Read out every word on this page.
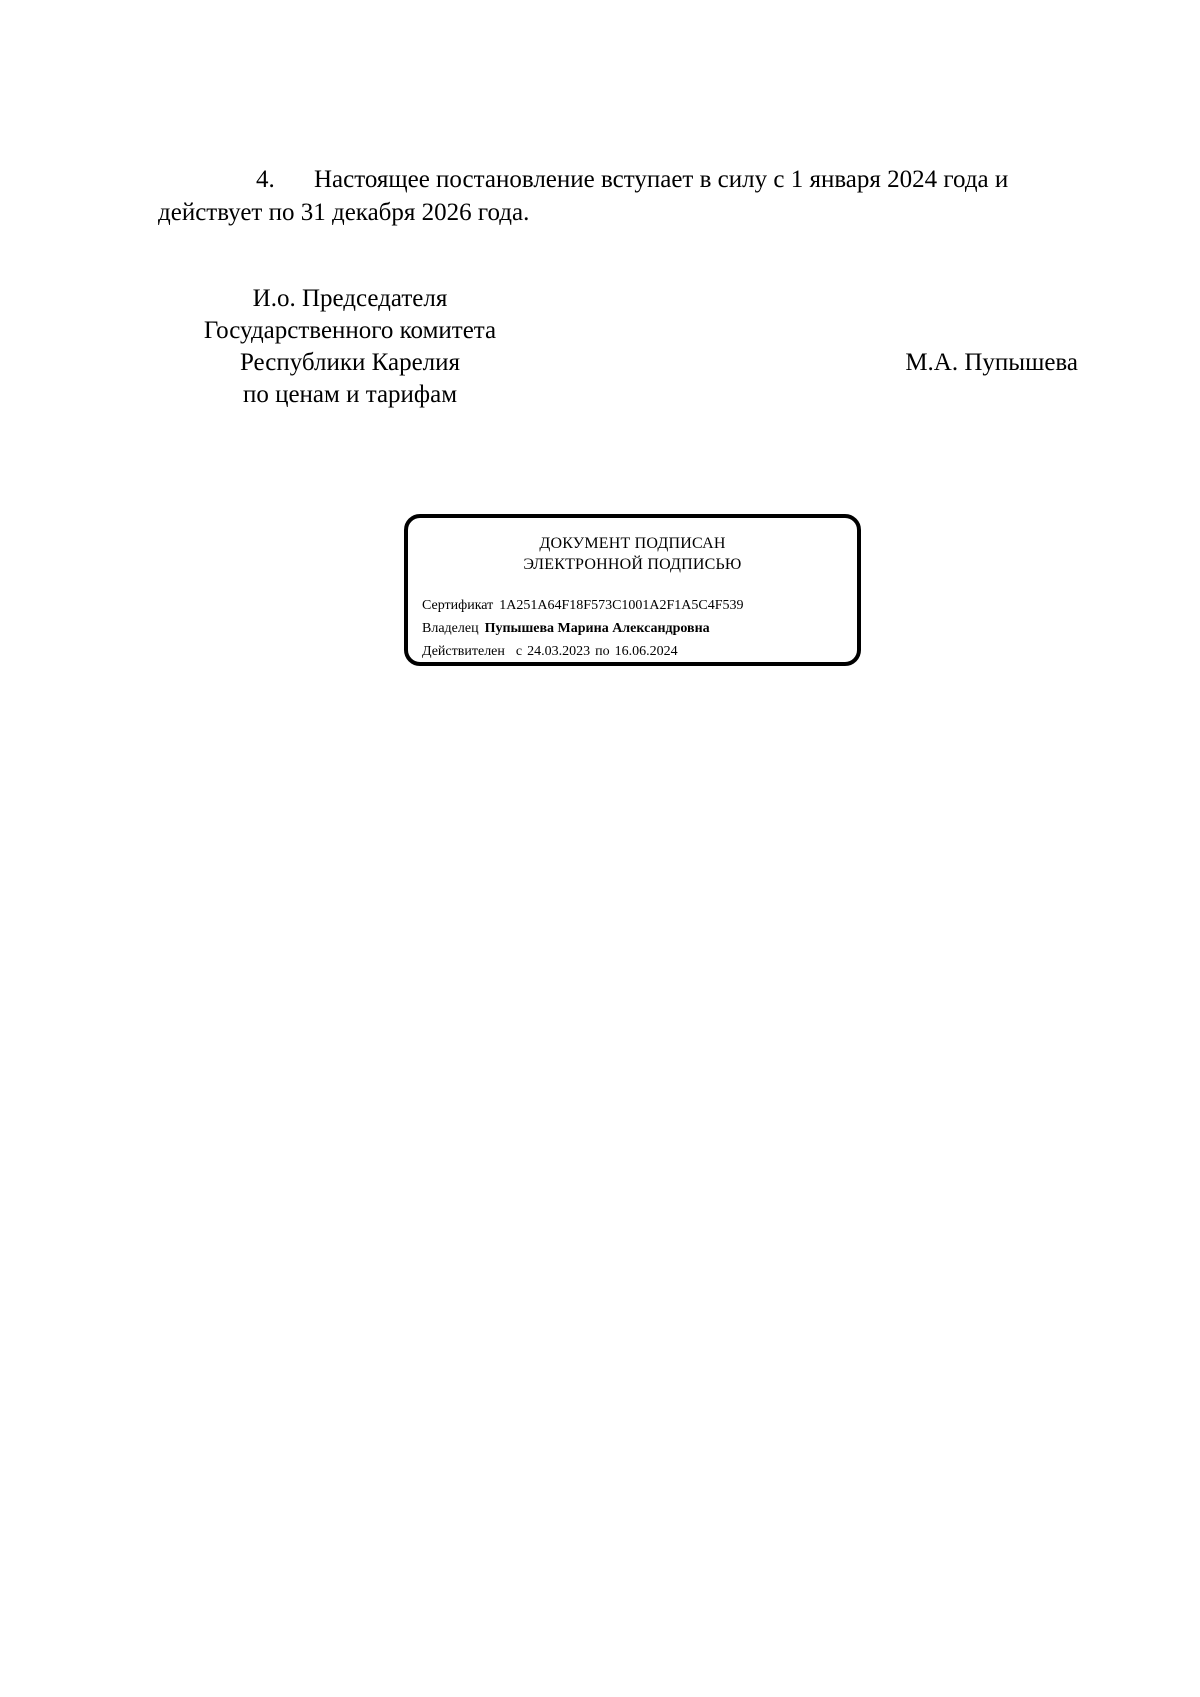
4. Настоящее постановление вступает в силу с 1 января 2024 года и
действует по 31 декабря 2026 года.
И.о. Председателя
Государственного комитета
Республики Карелия
по ценам и тарифам
М.А. Пупышева
ДОКУМЕНТ ПОДПИСАН
ЭЛЕКТРОННОЙ ПОДПИСЬЮ
Сертификат 1A251A64F18F573C1001A2F1A5C4F539
Владелец Пупышева Марина Александровна
Действителен с 24.03.2023 по 16.06.2024
